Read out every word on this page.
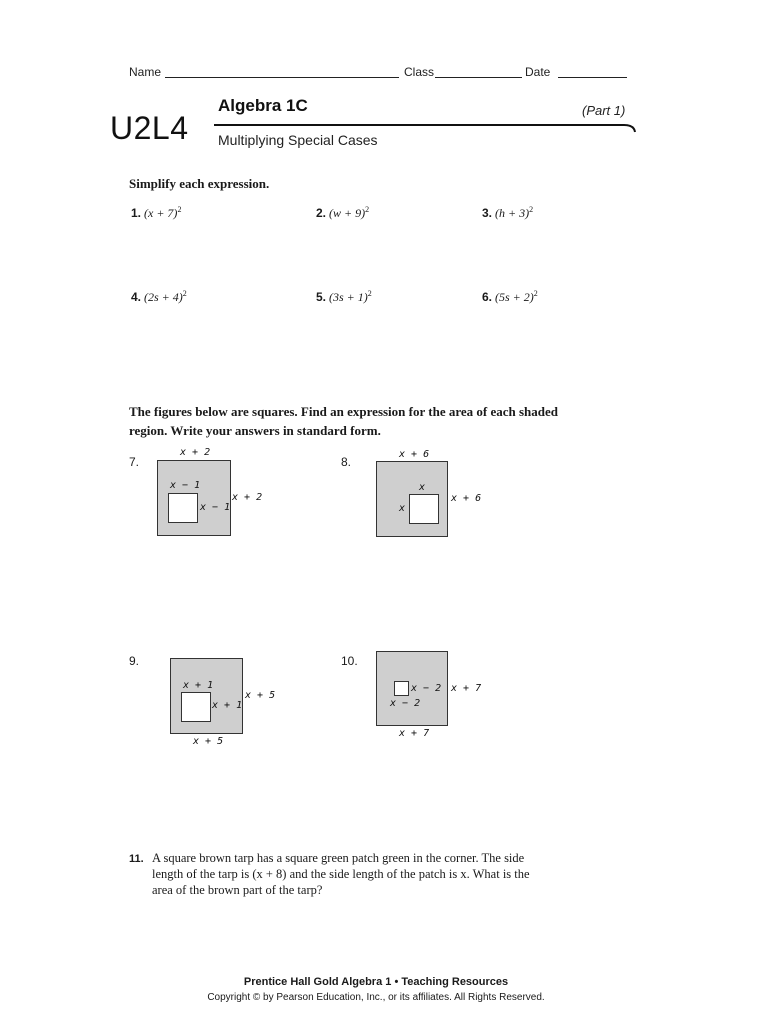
Name	Class	Date
U2L4
Algebra 1C	(Part 1)
Multiplying Special Cases
Simplify each expression.
1. $(x + 7)^2$	2. $(w + 9)^2$	3. $(h + 3)^2$
4. $(2s + 4)^2$	5. $(3s + 1)^2$	6. $(5s + 2)^2$
The figures below are squares. Find an expression for the area of each shaded
region. Write your answers in standard form.
7.
x + 2
x − 1
x − 1
x + 2
8.
x + 6
x
x
x + 6
9.
x + 1
x + 1
x + 5
x + 5
10.
x − 2
x − 2
x + 7
x + 7
11. A square brown tarp has a square green patch green in the corner. The side
length of the tarp is (x + 8) and the side length of the patch is x. What is the
area of the brown part of the tarp?
Prentice Hall Gold Algebra 1 • Teaching Resources
Copyright © by Pearson Education, Inc., or its affiliates. All Rights Reserved.
